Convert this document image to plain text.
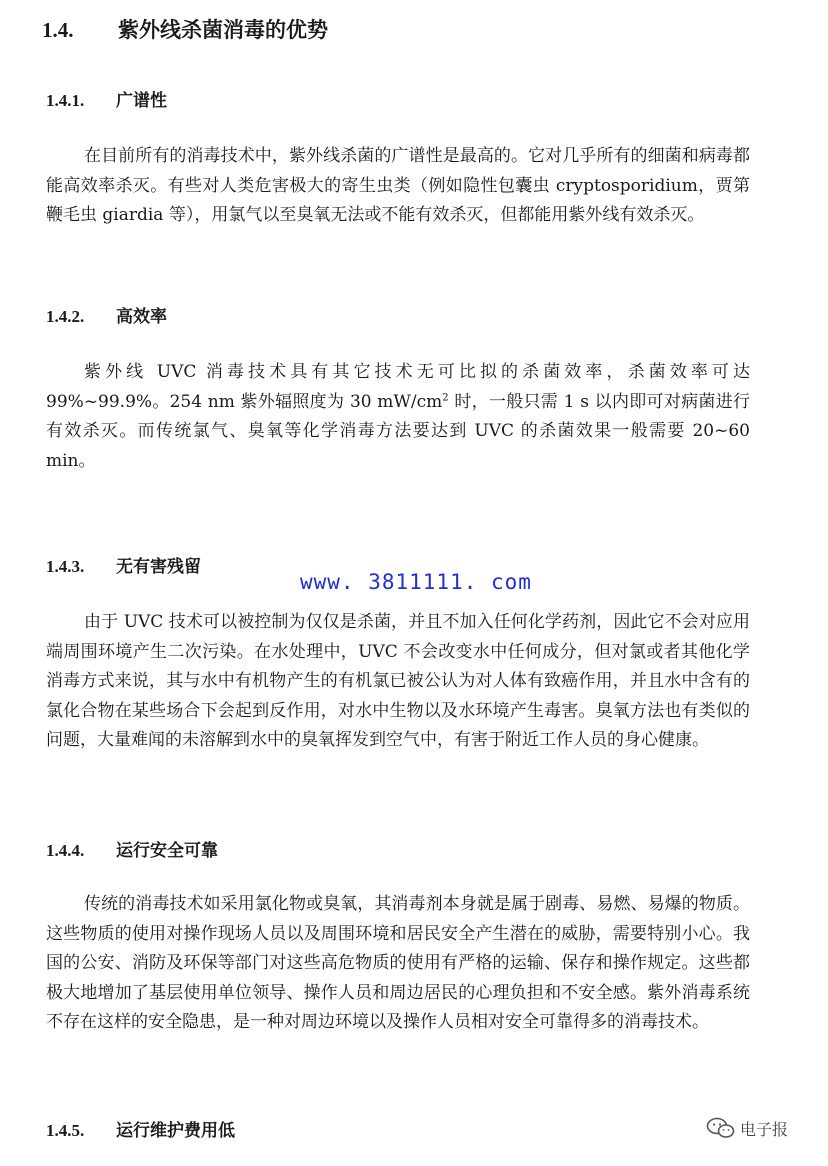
1.4. 紫外线杀菌消毒的优势
1.4.1. 广谱性

在目前所有的消毒技术中，紫外线杀菌的广谱性是最高的。它对几乎所有的细菌和病毒都能高效率杀灭。有些对人类危害极大的寄生虫类（例如隐性包囊虫 cryptosporidium，贾第鞭毛虫 giardia 等），用氯气以至臭氧无法或不能有效杀灭，但都能用紫外线有效杀灭。

1.4.2. 高效率

紫外线 UVC 消毒技术具有其它技术无可比拟的杀菌效率，杀菌效率可达 99%~99.9%。254 nm 紫外辐照度为 30 $mW/cm^2$ 时，一般只需 1 s 以内即可对病菌进行有效杀灭。而传统氯气、臭氧等化学消毒方法要达到 UVC 的杀菌效果一般需要 20~60 min。

1.4.3. 无有害残留
www. 3811111. com

由于 UVC 技术可以被控制为仅仅是杀菌，并且不加入任何化学药剂，因此它不会对应用端周围环境产生二次污染。在水处理中，UVC 不会改变水中任何成分，但对氯或者其他化学消毒方式来说，其与水中有机物产生的有机氯已被公认为对人体有致癌作用，并且水中含有的氯化合物在某些场合下会起到反作用，对水中生物以及水环境产生毒害。臭氧方法也有类似的问题，大量难闻的未溶解到水中的臭氧挥发到空气中，有害于附近工作人员的身心健康。

1.4.4. 运行安全可靠

传统的消毒技术如采用氯化物或臭氧，其消毒剂本身就是属于剧毒、易燃、易爆的物质。这些物质的使用对操作现场人员以及周围环境和居民安全产生潜在的威胁，需要特别小心。我国的公安、消防及环保等部门对这些高危物质的使用有严格的运输、保存和操作规定。这些都极大地增加了基层使用单位领导、操作人员和周边居民的心理负担和不安全感。紫外消毒系统不存在这样的安全隐患，是一种对周边环境以及操作人员相对安全可靠得多的消毒技术。

1.4.5. 运行维护费用低	电子报
